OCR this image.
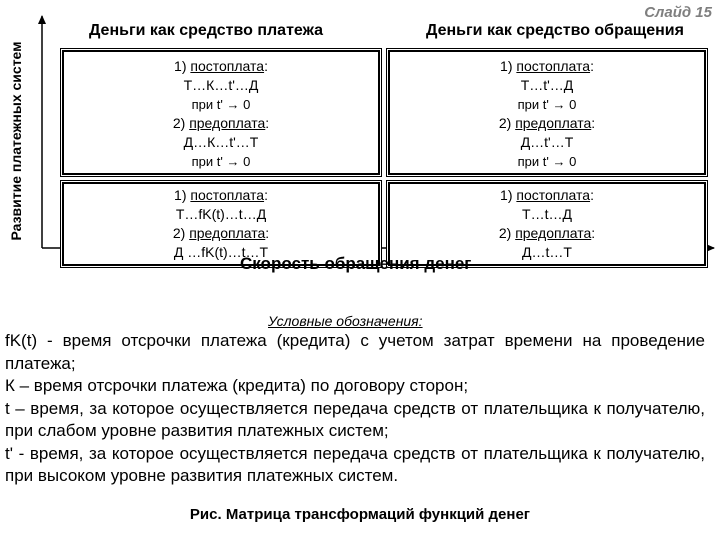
Слайд 15
Развитие платежных систем
Деньги как средство платежа	Деньги как средство обращения
1) постоплата:
Т…К…t'…Д
при t' → 0
2) предоплата:
Д…К…t'…Т
при t' → 0
1) постоплата:
Т…t'…Д
при t' → 0
2) предоплата:
Д…t'…Т
при t' → 0
1) постоплата:
Т…fK(t)…t…Д
2) предоплата:
Д …fK(t)…t…Т
1) постоплата:
Т…t…Д
2) предоплата:
Д…t…Т
Скорость обращения денег
Условные обозначения:

fK(t) - время отсрочки платежа (кредита) с учетом затрат времени на проведение платежа;

К – время отсрочки платежа (кредита) по договору сторон;

t – время, за которое осуществляется передача средств от плательщика к получателю, при слабом уровне развития платежных систем;

t' - время, за которое осуществляется передача средств от плательщика к получателю, при высоком уровне развития платежных систем.

Рис. Матрица трансформаций функций денег
